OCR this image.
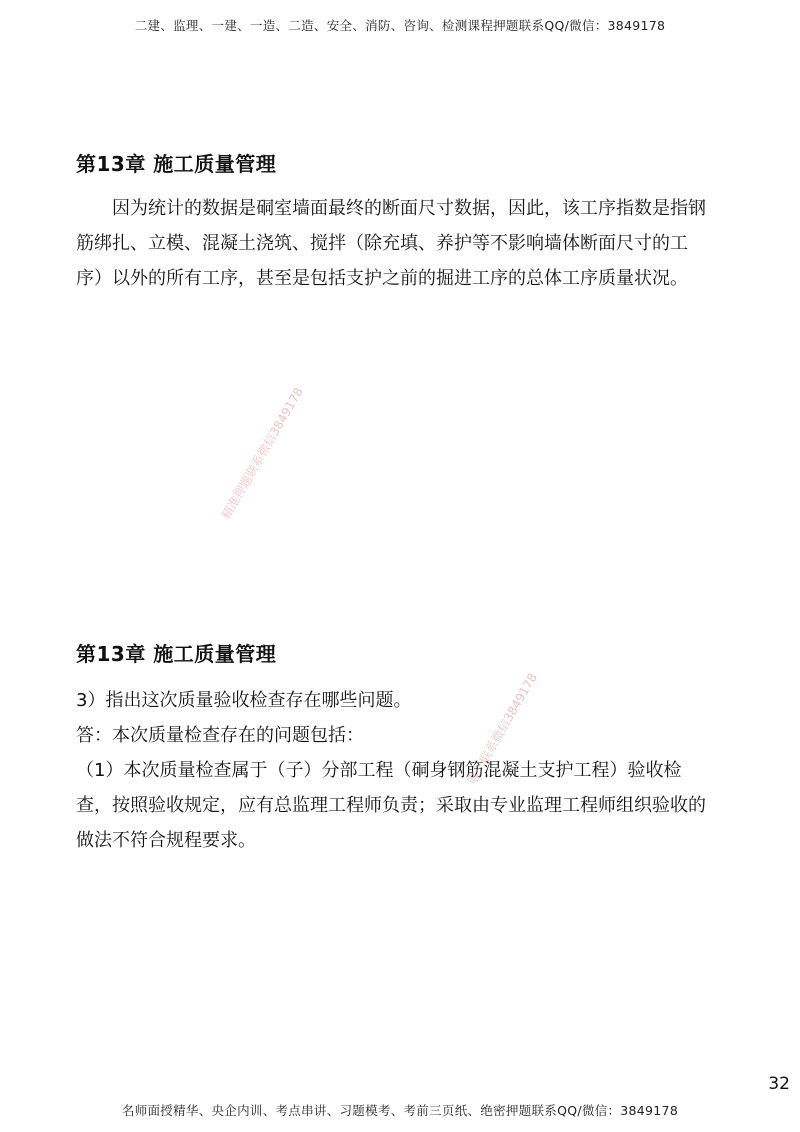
二建、监理、一建、一造、二造、安全、消防、咨询、检测课程押题联系QQ/微信：3849178
第13章 施工质量管理

因为统计的数据是硐室墙面最终的断面尺寸数据，因此，该工序指数是指钢筋绑扎、立模、混凝土浇筑、搅拌（除充填、养护等不影响墙体断面尺寸的工序）以外的所有工序，甚至是包括支护之前的掘进工序的总体工序质量状况。

精准押题联系微信3849178
第13章 施工质量管理

3）指出这次质量验收检查存在哪些问题。

答：本次质量检查存在的问题包括：

（1）本次质量检查属于（子）分部工程（硐身钢筋混凝土支护工程）验收检查，按照验收规定，应有总监理工程师负责；采取由专业监理工程师组织验收的做法不符合规程要求。

唯一联系微信3849178
32
名师面授精华、央企内训、考点串讲、习题模考、考前三页纸、绝密押题联系QQ/微信：3849178
